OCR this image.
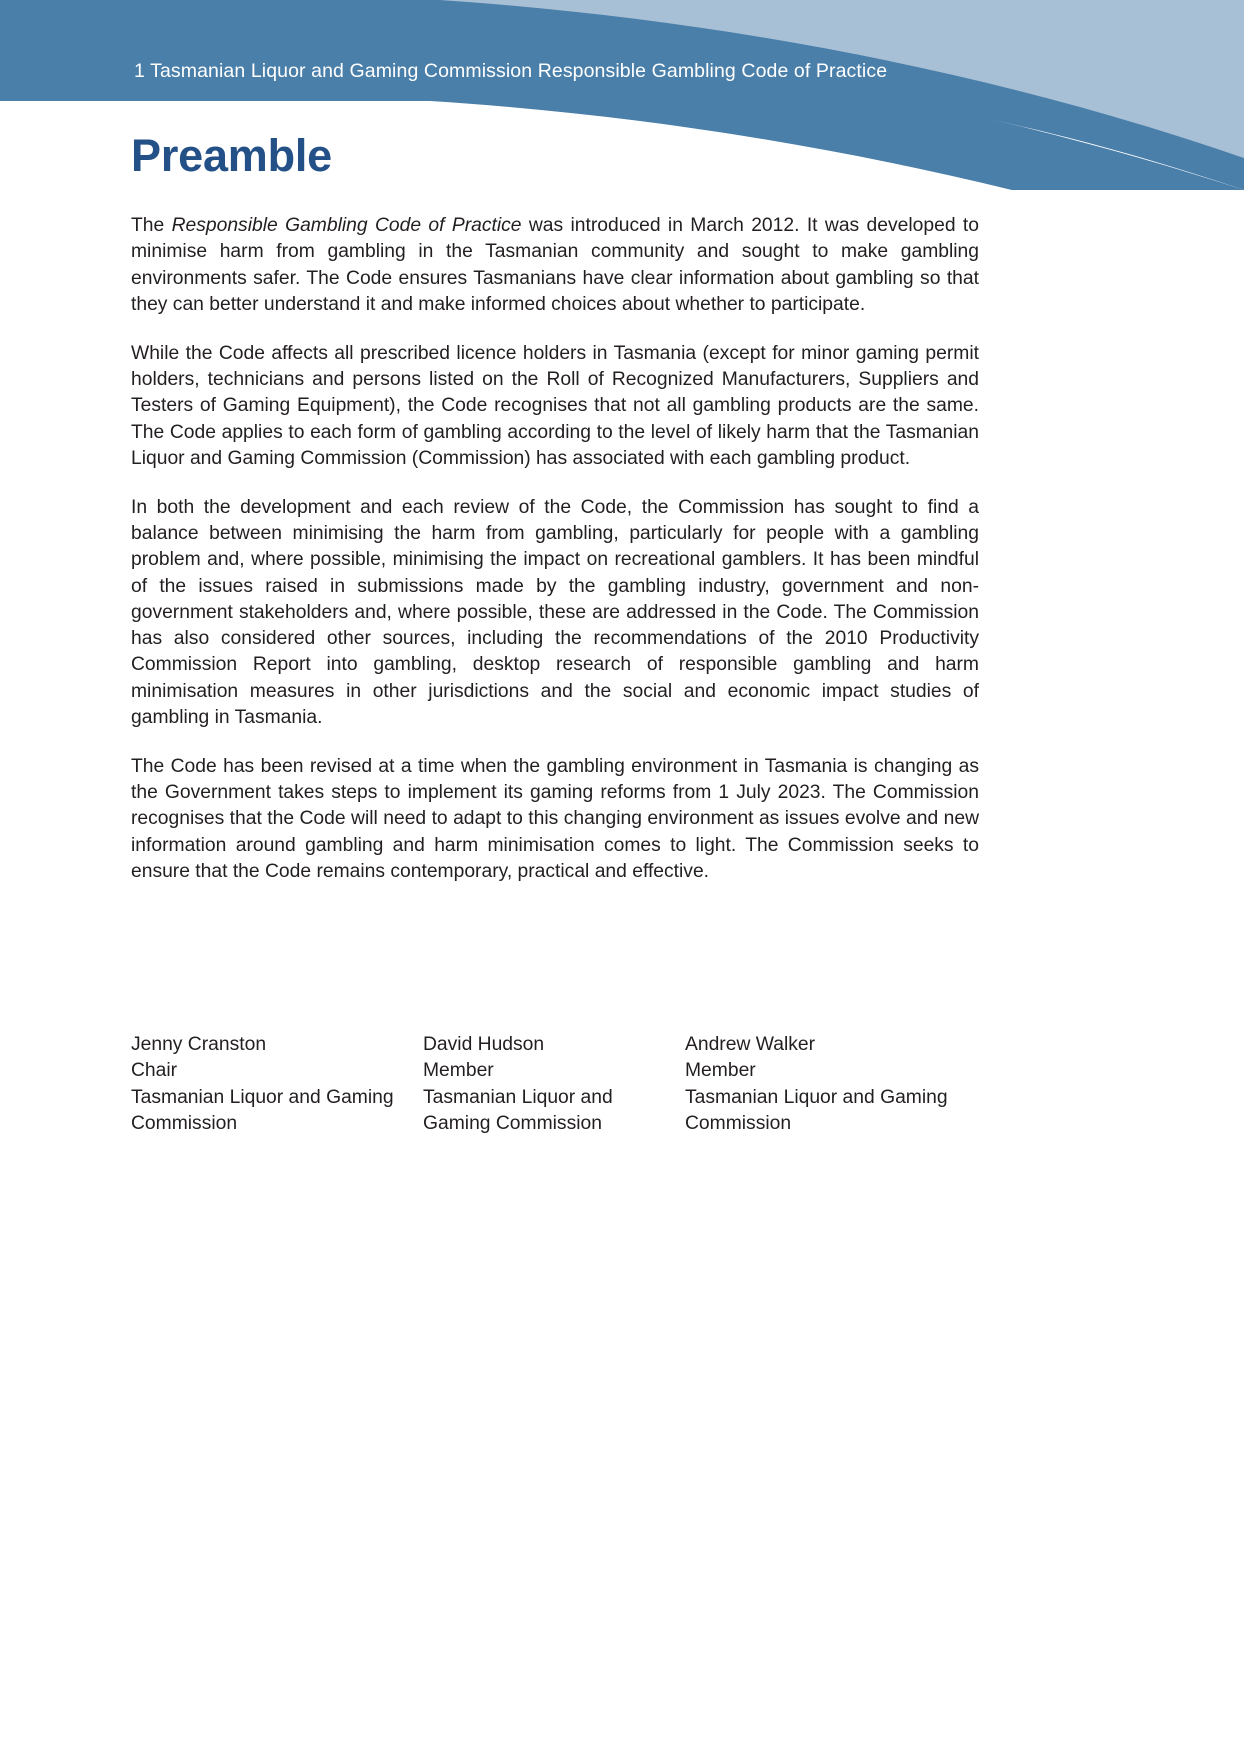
1 Tasmanian Liquor and Gaming Commission Responsible Gambling Code of Practice
Preamble

The Responsible Gambling Code of Practice was introduced in March 2012. It was developed to minimise harm from gambling in the Tasmanian community and sought to make gambling environments safer. The Code ensures Tasmanians have clear information about gambling so that they can better understand it and make informed choices about whether to participate.

While the Code affects all prescribed licence holders in Tasmania (except for minor gaming permit holders, technicians and persons listed on the Roll of Recognized Manufacturers, Suppliers and Testers of Gaming Equipment), the Code recognises that not all gambling products are the same. The Code applies to each form of gambling according to the level of likely harm that the Tasmanian Liquor and Gaming Commission (Commission) has associated with each gambling product.

In both the development and each review of the Code, the Commission has sought to find a balance between minimising the harm from gambling, particularly for people with a gambling problem and, where possible, minimising the impact on recreational gamblers. It has been mindful of the issues raised in submissions made by the gambling industry, government and non-government stakeholders and, where possible, these are addressed in the Code. The Commission has also considered other sources, including the recommendations of the 2010 Productivity Commission Report into gambling, desktop research of responsible gambling and harm minimisation measures in other jurisdictions and the social and economic impact studies of gambling in Tasmania.

The Code has been revised at a time when the gambling environment in Tasmania is changing as the Government takes steps to implement its gaming reforms from 1 July 2023. The Commission recognises that the Code will need to adapt to this changing environment as issues evolve and new information around gambling and harm minimisation comes to light. The Commission seeks to ensure that the Code remains contemporary, practical and effective.

Jenny Cranston
Chair
Tasmanian Liquor and Gaming
Commission
David Hudson
Member
Tasmanian Liquor and
Gaming Commission
Andrew Walker
Member
Tasmanian Liquor and Gaming
Commission
